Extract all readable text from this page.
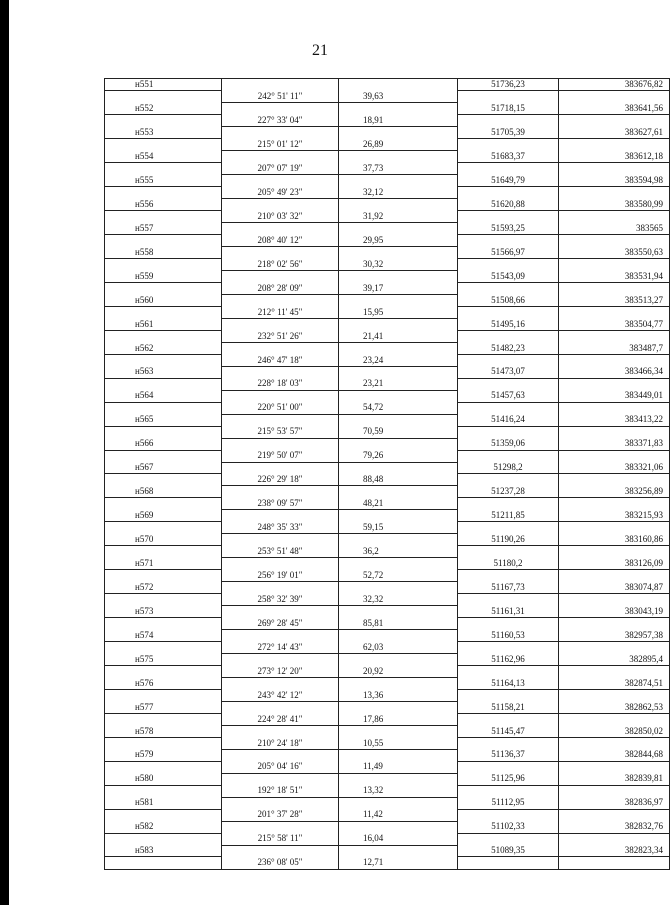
21
н551			51736,23	383676,82
	242° 51' 11"	39,63		
н552			51718,15	383641,56
	227° 33' 04"	18,91		
н553			51705,39	383627,61
	215° 01' 12"	26,89		
н554			51683,37	383612,18
	207° 07' 19"	37,73		
н555			51649,79	383594,98
	205° 49' 23"	32,12		
н556			51620,88	383580,99
	210° 03' 32"	31,92		
н557			51593,25	383565
	208° 40' 12"	29,95		
н558			51566,97	383550,63
	218° 02' 56"	30,32		
н559			51543,09	383531,94
	208° 28' 09"	39,17		
н560			51508,66	383513,27
	212° 11' 45"	15,95		
н561			51495,16	383504,77
	232° 51' 26"	21,41		
н562			51482,23	383487,7
	246° 47' 18"	23,24		
н563			51473,07	383466,34
	228° 18' 03"	23,21		
н564			51457,63	383449,01
	220° 51' 00"	54,72		
н565			51416,24	383413,22
	215° 53' 57"	70,59		
н566			51359,06	383371,83
	219° 50' 07"	79,26		
н567			51298,2	383321,06
	226° 29' 18"	88,48		
н568			51237,28	383256,89
	238° 09' 57"	48,21		
н569			51211,85	383215,93
	248° 35' 33"	59,15		
н570			51190,26	383160,86
	253° 51' 48"	36,2		
н571			51180,2	383126,09
	256° 19' 01"	52,72		
н572			51167,73	383074,87
	258° 32' 39"	32,32		
н573			51161,31	383043,19
	269° 28' 45"	85,81		
н574			51160,53	382957,38
	272° 14' 43"	62,03		
н575			51162,96	382895,4
	273° 12' 20"	20,92		
н576			51164,13	382874,51
	243° 42' 12"	13,36		
н577			51158,21	382862,53
	224° 28' 41"	17,86		
н578			51145,47	382850,02
	210° 24' 18"	10,55		
н579			51136,37	382844,68
	205° 04' 16"	11,49		
н580			51125,96	382839,81
	192° 18' 51"	13,32		
н581			51112,95	382836,97
	201° 37' 28"	11,42		
н582			51102,33	382832,76
	215° 58' 11"	16,04		
н583			51089,35	382823,34
	236° 08' 05"	12,71		
